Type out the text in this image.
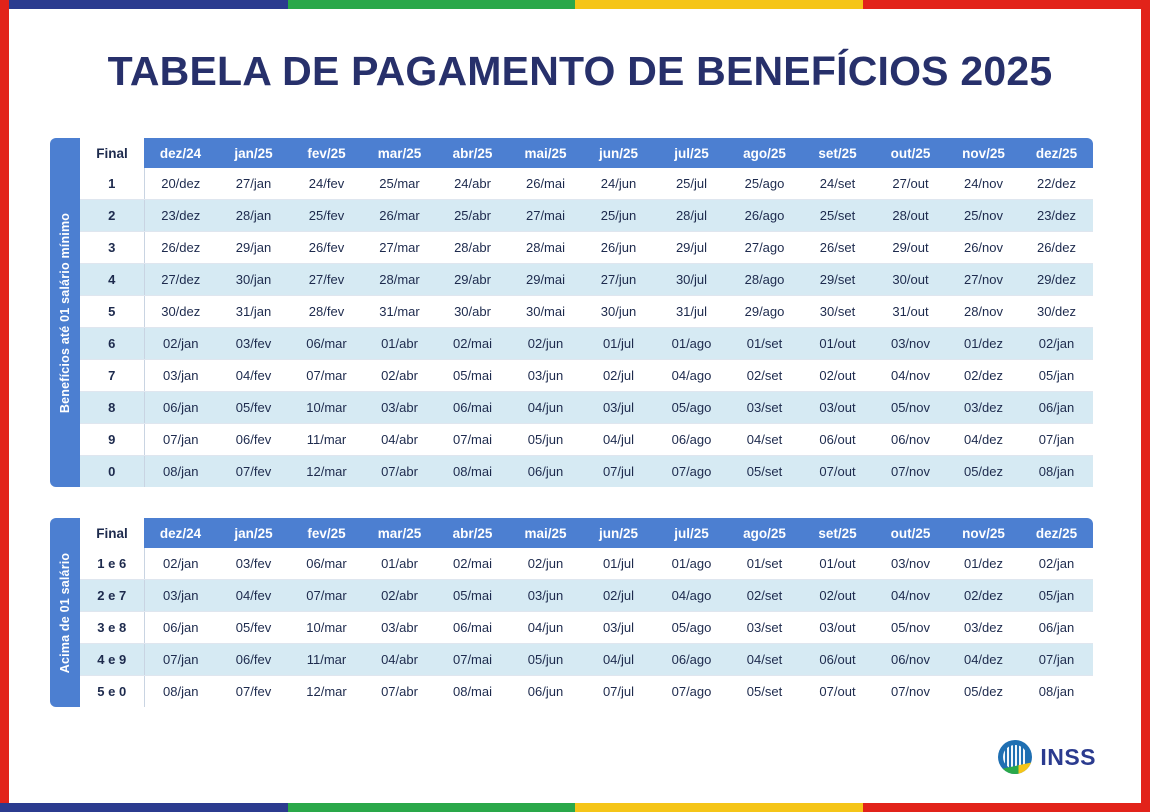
TABELA DE PAGAMENTO DE BENEFÍCIOS 2025
Benefícios até 01 salário mínimo
Final	dez/24	jan/25	fev/25	mar/25	abr/25	mai/25	jun/25	jul/25	ago/25	set/25	out/25	nov/25	dez/25
1	20/dez	27/jan	24/fev	25/mar	24/abr	26/mai	24/jun	25/jul	25/ago	24/set	27/out	24/nov	22/dez
2	23/dez	28/jan	25/fev	26/mar	25/abr	27/mai	25/jun	28/jul	26/ago	25/set	28/out	25/nov	23/dez
3	26/dez	29/jan	26/fev	27/mar	28/abr	28/mai	26/jun	29/jul	27/ago	26/set	29/out	26/nov	26/dez
4	27/dez	30/jan	27/fev	28/mar	29/abr	29/mai	27/jun	30/jul	28/ago	29/set	30/out	27/nov	29/dez
5	30/dez	31/jan	28/fev	31/mar	30/abr	30/mai	30/jun	31/jul	29/ago	30/set	31/out	28/nov	30/dez
6	02/jan	03/fev	06/mar	01/abr	02/mai	02/jun	01/jul	01/ago	01/set	01/out	03/nov	01/dez	02/jan
7	03/jan	04/fev	07/mar	02/abr	05/mai	03/jun	02/jul	04/ago	02/set	02/out	04/nov	02/dez	05/jan
8	06/jan	05/fev	10/mar	03/abr	06/mai	04/jun	03/jul	05/ago	03/set	03/out	05/nov	03/dez	06/jan
9	07/jan	06/fev	11/mar	04/abr	07/mai	05/jun	04/jul	06/ago	04/set	06/out	06/nov	04/dez	07/jan
0	08/jan	07/fev	12/mar	07/abr	08/mai	06/jun	07/jul	07/ago	05/set	07/out	07/nov	05/dez	08/jan
Acima de 01 salário
Final	dez/24	jan/25	fev/25	mar/25	abr/25	mai/25	jun/25	jul/25	ago/25	set/25	out/25	nov/25	dez/25
1 e 6	02/jan	03/fev	06/mar	01/abr	02/mai	02/jun	01/jul	01/ago	01/set	01/out	03/nov	01/dez	02/jan
2 e 7	03/jan	04/fev	07/mar	02/abr	05/mai	03/jun	02/jul	04/ago	02/set	02/out	04/nov	02/dez	05/jan
3 e 8	06/jan	05/fev	10/mar	03/abr	06/mai	04/jun	03/jul	05/ago	03/set	03/out	05/nov	03/dez	06/jan
4 e 9	07/jan	06/fev	11/mar	04/abr	07/mai	05/jun	04/jul	06/ago	04/set	06/out	06/nov	04/dez	07/jan
5 e 0	08/jan	07/fev	12/mar	07/abr	08/mai	06/jun	07/jul	07/ago	05/set	07/out	07/nov	05/dez	08/jan
INSS
